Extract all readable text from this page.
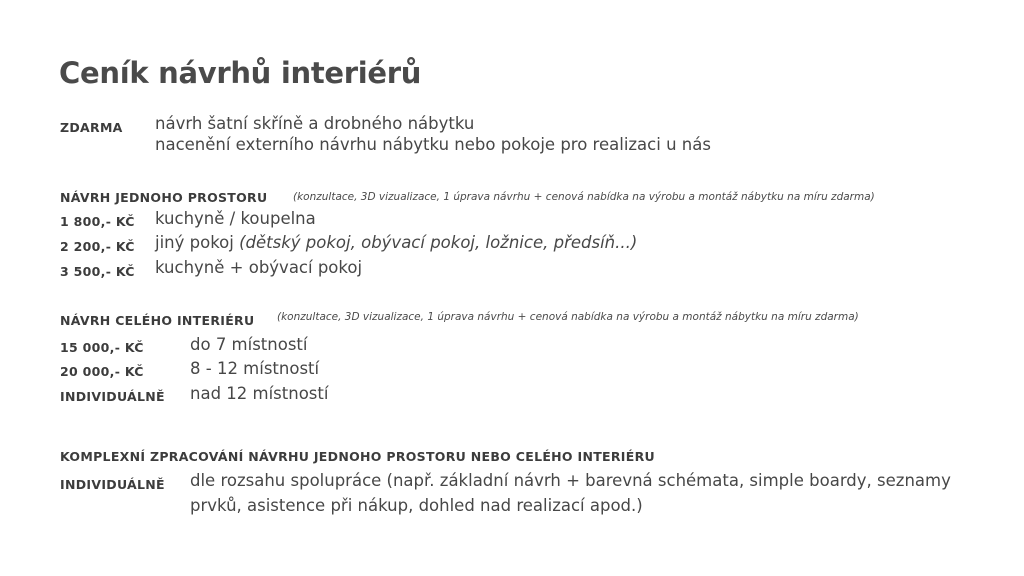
Ceník návrhů interiérů
ZDARMA návrh šatní skříně a drobného nábytku
nacenění externího návrhu nábytku nebo pokoje pro realizaci u nás
NÁVRH JEDNOHO PROSTORU (konzultace, 3D vizualizace, 1 úprava návrhu + cenová nabídka na výrobu a montáž nábytku na míru zdarma)
1 800,- KČ kuchyně / koupelna
2 200,- KČ jiný pokoj (dětský pokoj, obývací pokoj, ložnice, předsíň...)
3 500,- KČ kuchyně + obývací pokoj
NÁVRH CELÉHO INTERIÉRU (konzultace, 3D vizualizace, 1 úprava návrhu + cenová nabídka na výrobu a montáž nábytku na míru zdarma)
15 000,- KČ	do 7 místností
20 000,- KČ	8 - 12 místností
INDIVIDUÁLNĚ nad 12 místností
KOMPLEXNÍ ZPRACOVÁNÍ NÁVRHU JEDNOHO PROSTORU NEBO CELÉHO INTERIÉRU
INDIVIDUÁLNĚ dle rozsahu spolupráce (např. základní návrh + barevná schémata, simple boardy, seznamy
prvků, asistence při nákup, dohled nad realizací apod.)
